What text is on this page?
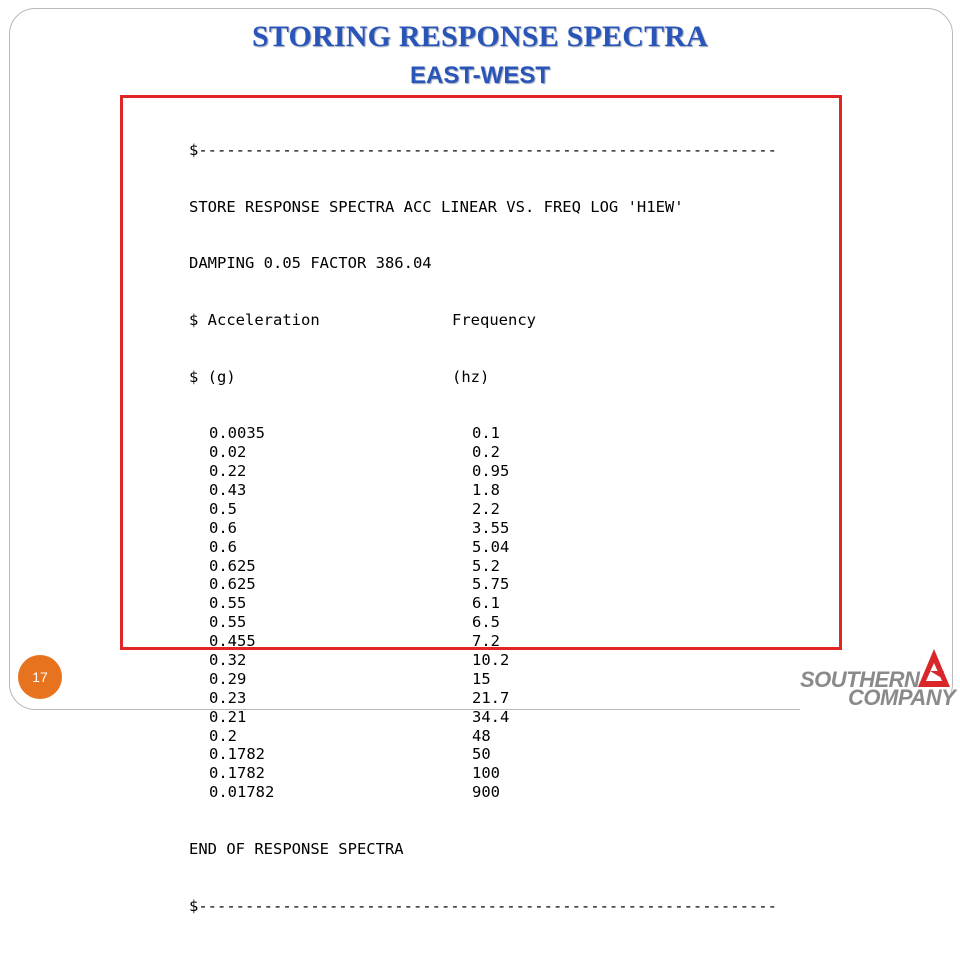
STORING RESPONSE SPECTRA
EAST-WEST

$--------------------------------------------------------------

STORE RESPONSE SPECTRA ACC LINEAR VS. FREQ LOG 'H1EW'

DAMPING 0.05 FACTOR 386.04

$ Acceleration	Frequency

$ (g)	(hz)

0.0035	0.1
0.02	0.2
0.22	0.95
0.43	1.8
0.5	2.2
0.6	3.55
0.6	5.04
0.625	5.2
0.625	5.75
0.55	6.1
0.55	6.5
0.455	7.2
0.32	10.2
0.29	15
0.23	21.7
0.21	34.4
0.2	48
0.1782	50
0.1782	100
0.01782	900

END OF RESPONSE SPECTRA

$--------------------------------------------------------------

17	SOUTHERN
COMPANY
